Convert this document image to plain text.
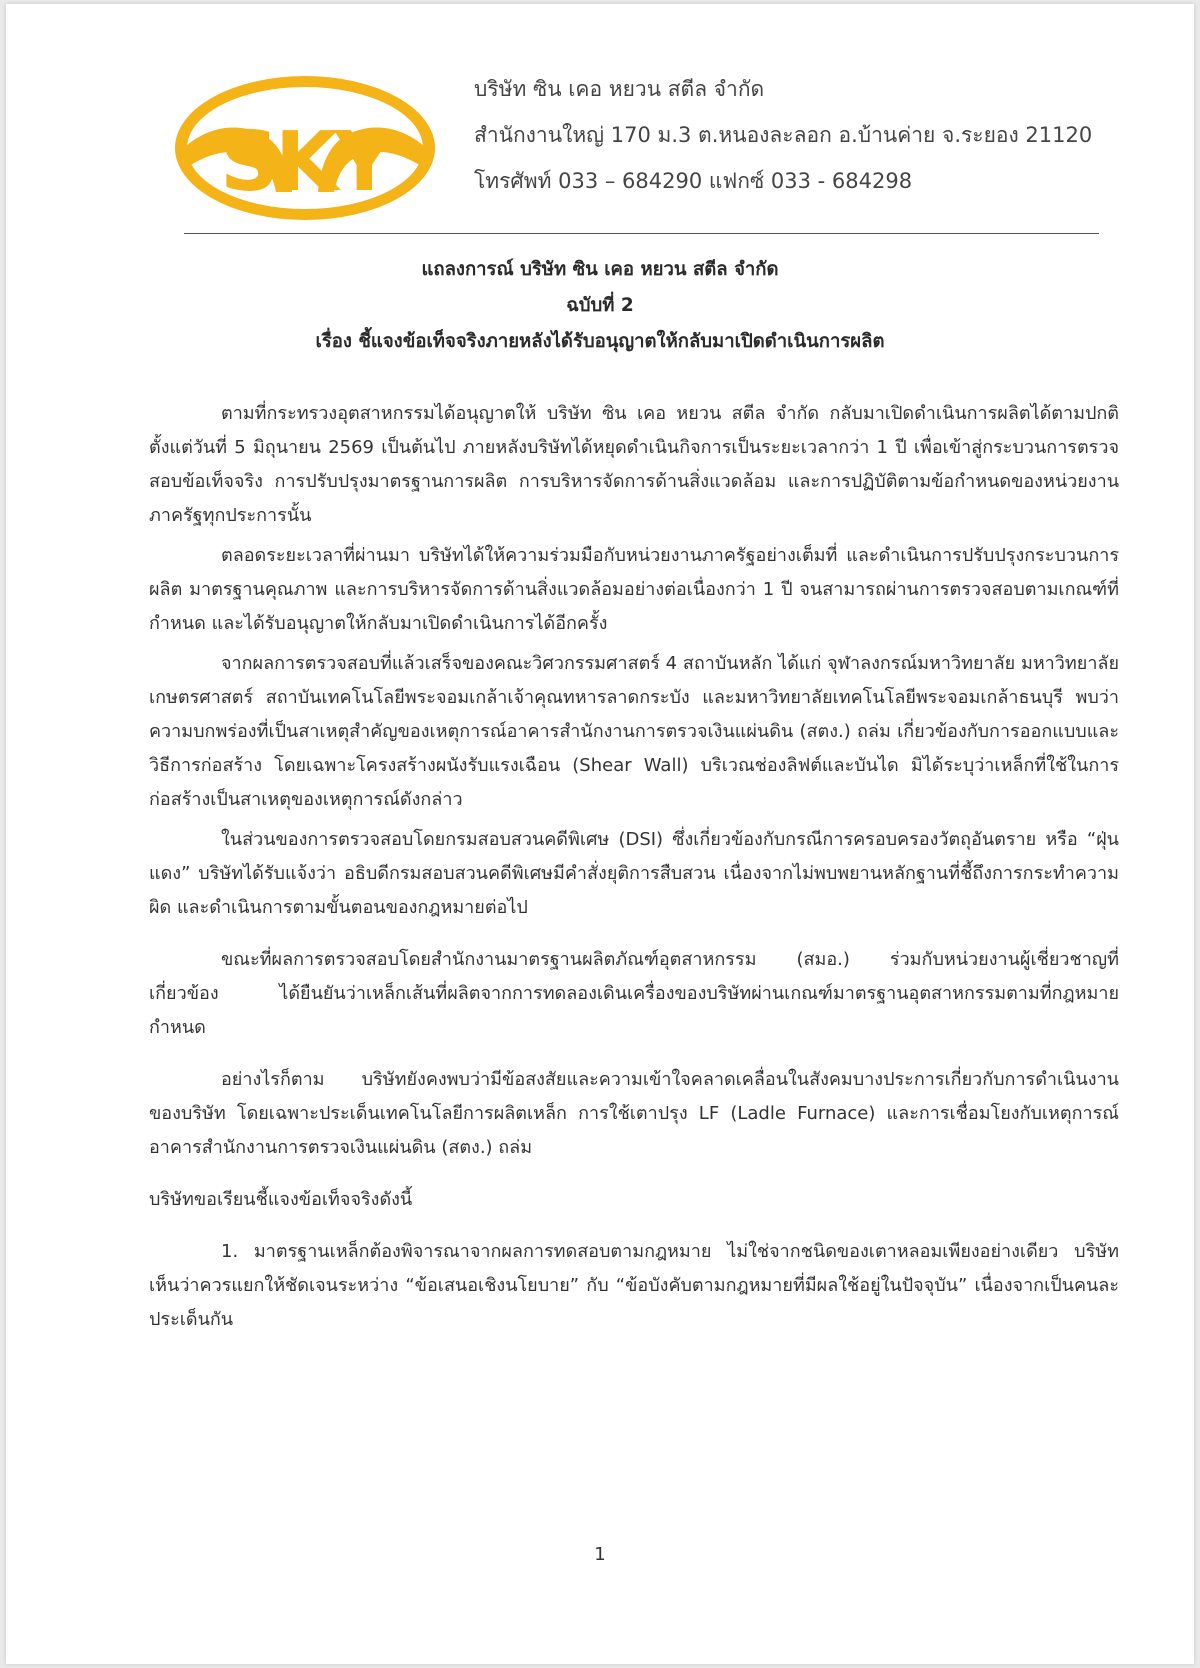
SKY
บริษัท ซิน เคอ หยวน สตีล จำกัด
สำนักงานใหญ่ 170 ม.3 ต.หนองละลอก อ.บ้านค่าย จ.ระยอง 21120
โทรศัพท์ 033 – 684290 แฟกซ์ 033 - 684298
แถลงการณ์ บริษัท ซิน เคอ หยวน สตีล จำกัด
ฉบับที่ 2
เรื่อง ชี้แจงข้อเท็จจริงภายหลังได้รับอนุญาตให้กลับมาเปิดดำเนินการผลิต

ตามที่กระทรวงอุตสาหกรรมได้อนุญาตให้ บริษัท ซิน เคอ หยวน สตีล จำกัด กลับมาเปิดดำเนินการผลิตได้ตามปกติ ตั้งแต่วันที่ 5 มิถุนายน 2569 เป็นต้นไป ภายหลังบริษัทได้หยุดดำเนินกิจการเป็นระยะเวลากว่า 1 ปี เพื่อเข้าสู่กระบวนการตรวจสอบข้อเท็จจริง การปรับปรุงมาตรฐานการผลิต การบริหารจัดการด้านสิ่งแวดล้อม และการปฏิบัติตามข้อกำหนดของหน่วยงานภาครัฐทุกประการนั้น

ตลอดระยะเวลาที่ผ่านมา บริษัทได้ให้ความร่วมมือกับหน่วยงานภาครัฐอย่างเต็มที่ และดำเนินการปรับปรุงกระบวนการผลิต มาตรฐานคุณภาพ และการบริหารจัดการด้านสิ่งแวดล้อมอย่างต่อเนื่องกว่า 1 ปี จนสามารถผ่านการตรวจสอบตามเกณฑ์ที่กำหนด และได้รับอนุญาตให้กลับมาเปิดดำเนินการได้อีกครั้ง

จากผลการตรวจสอบที่แล้วเสร็จของคณะวิศวกรรมศาสตร์ 4 สถาบันหลัก ได้แก่ จุฬาลงกรณ์มหาวิทยาลัย มหาวิทยาลัยเกษตรศาสตร์ สถาบันเทคโนโลยีพระจอมเกล้าเจ้าคุณทหารลาดกระบัง และมหาวิทยาลัยเทคโนโลยีพระจอมเกล้าธนบุรี พบว่าความบกพร่องที่เป็นสาเหตุสำคัญของเหตุการณ์อาคารสำนักงานการตรวจเงินแผ่นดิน (สตง.) ถล่ม เกี่ยวข้องกับการออกแบบและวิธีการก่อสร้าง โดยเฉพาะโครงสร้างผนังรับแรงเฉือน (Shear Wall) บริเวณช่องลิฟต์และบันได มิได้ระบุว่าเหล็กที่ใช้ในการก่อสร้างเป็นสาเหตุของเหตุการณ์ดังกล่าว

ในส่วนของการตรวจสอบโดยกรมสอบสวนคดีพิเศษ (DSI) ซึ่งเกี่ยวข้องกับกรณีการครอบครองวัตถุอันตราย หรือ “ฝุ่นแดง” บริษัทได้รับแจ้งว่า อธิบดีกรมสอบสวนคดีพิเศษมีคำสั่งยุติการสืบสวน เนื่องจากไม่พบพยานหลักฐานที่ชี้ถึงการกระทำความผิด และดำเนินการตามขั้นตอนของกฎหมายต่อไป

ขณะที่ผลการตรวจสอบโดยสำนักงานมาตรฐานผลิตภัณฑ์อุตสาหกรรม (สมอ.) ร่วมกับหน่วยงานผู้เชี่ยวชาญที่เกี่ยวข้อง ได้ยืนยันว่าเหล็กเส้นที่ผลิตจากการทดลองเดินเครื่องของบริษัทผ่านเกณฑ์มาตรฐานอุตสาหกรรมตามที่กฎหมายกำหนด

อย่างไรก็ตาม บริษัทยังคงพบว่ามีข้อสงสัยและความเข้าใจคลาดเคลื่อนในสังคมบางประการเกี่ยวกับการดำเนินงานของบริษัท โดยเฉพาะประเด็นเทคโนโลยีการผลิตเหล็ก การใช้เตาปรุง LF (Ladle Furnace) และการเชื่อมโยงกับเหตุการณ์อาคารสำนักงานการตรวจเงินแผ่นดิน (สตง.) ถล่ม

บริษัทขอเรียนชี้แจงข้อเท็จจริงดังนี้

1. มาตรฐานเหล็กต้องพิจารณาจากผลการทดสอบตามกฎหมาย ไม่ใช่จากชนิดของเตาหลอมเพียงอย่างเดียว บริษัทเห็นว่าควรแยกให้ชัดเจนระหว่าง “ข้อเสนอเชิงนโยบาย” กับ “ข้อบังคับตามกฎหมายที่มีผลใช้อยู่ในปัจจุบัน” เนื่องจากเป็นคนละประเด็นกัน

1
